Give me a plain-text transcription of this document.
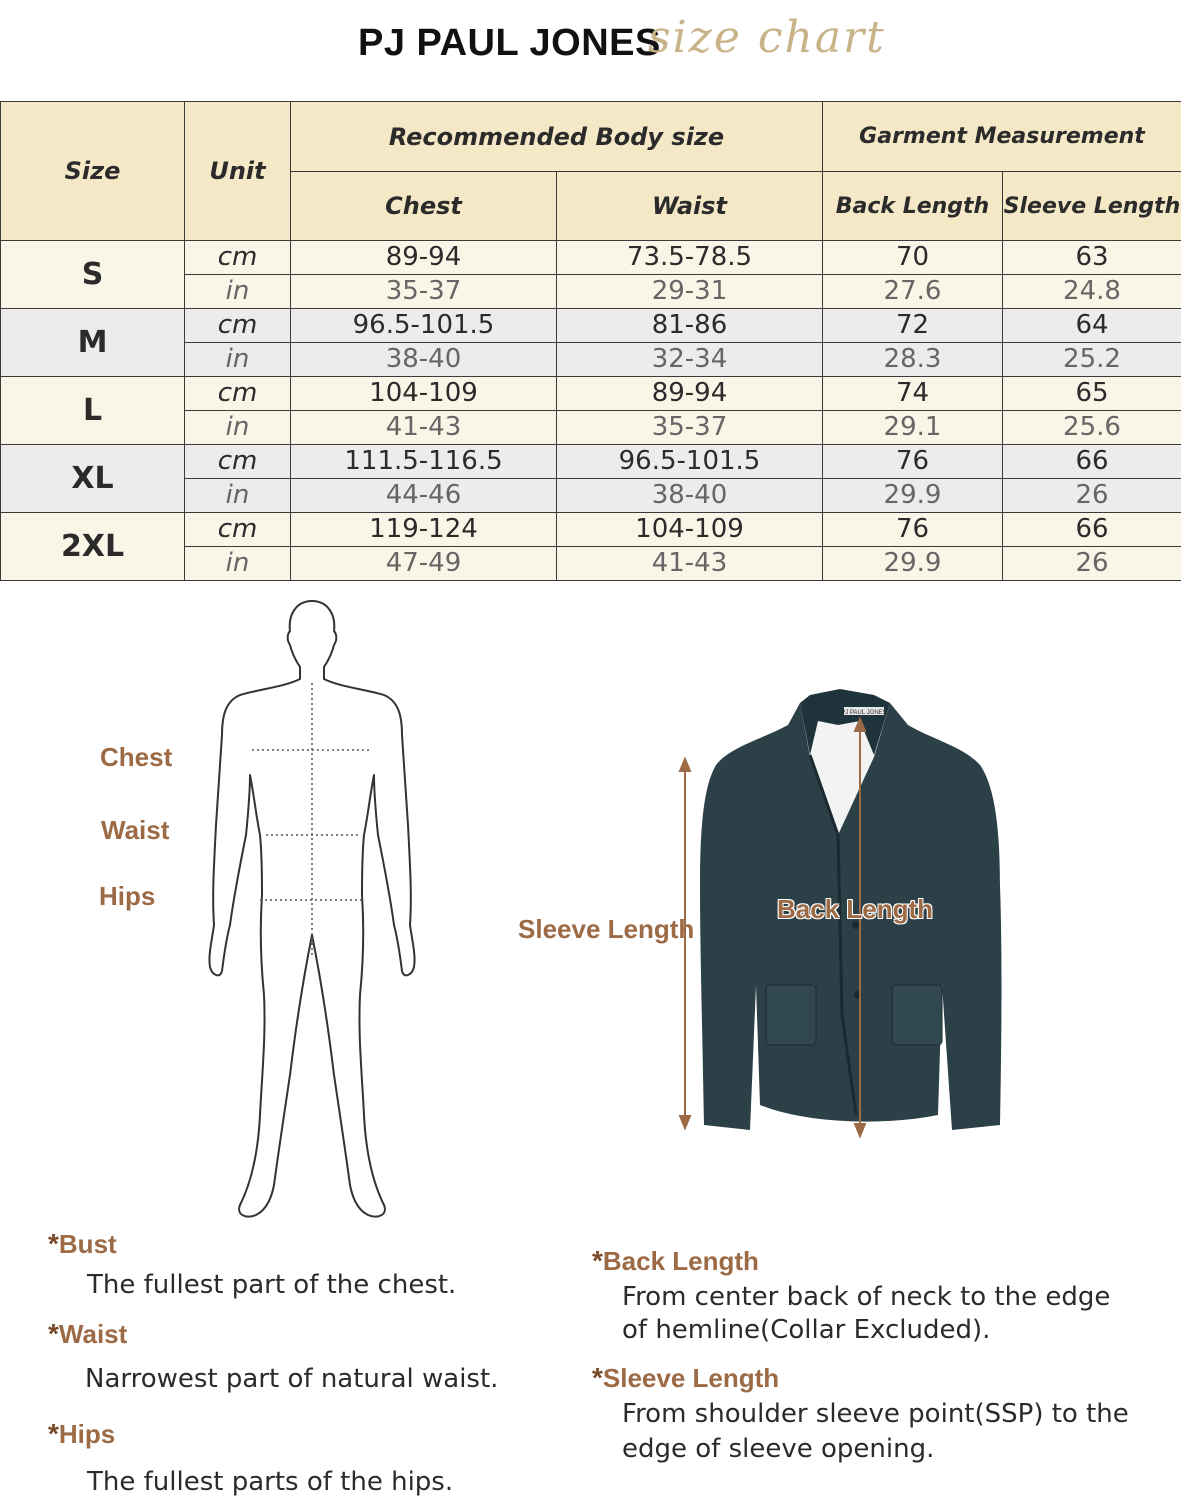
PJ PAUL JONES
size chart
Size	Unit	Recommended Body size		Garment Measurement	
		Chest	Waist	Back Length	Sleeve Length
S	cm	89-94	73.5-78.5	70	63
	in	35-37	29-31	27.6	24.8
M	cm	96.5-101.5	81-86	72	64
	in	38-40	32-34	28.3	25.2
L	cm	104-109	89-94	74	65
	in	41-43	35-37	29.1	25.6
XL	cm	111.5-116.5	96.5-101.5	76	66
	in	44-46	38-40	29.9	26
2XL	cm	119-124	104-109	76	66
	in	47-49	41-43	29.9	26
Chest
Waist
Hips
PJ PAUL JONES
Sleeve Length
Back Length
*Bust
The fullest part of the chest.
*Waist
Narrowest part of natural waist.
*Hips
The fullest parts of the hips.
*Back Length
From center back of neck to the edge
of hemline(Collar Excluded).
*Sleeve Length
From shoulder sleeve point(SSP) to the
edge of sleeve opening.
